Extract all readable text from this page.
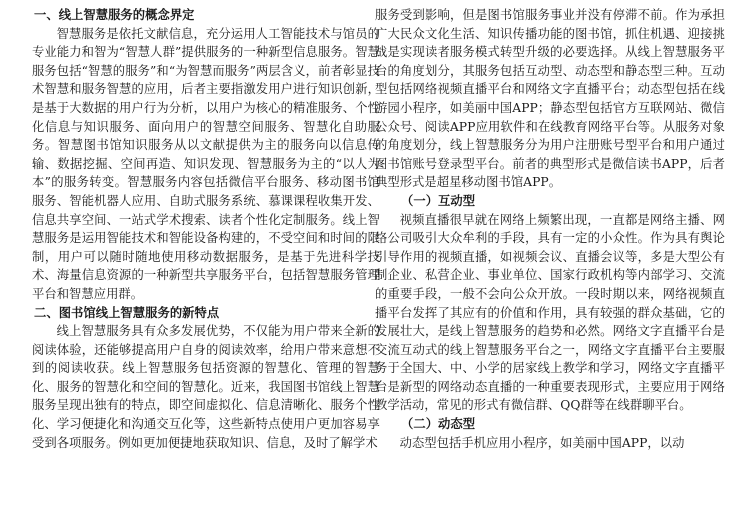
一、线上智慧服务的概念界定

智慧服务是依托文献信息，充分运用人工智能技术与馆员的专业能力和智为“智慧人群”提供服务的一种新型信息服务。智慧服务包括“智慧的服务”和“为智慧而服务”两层含义，前者彰显技术智慧和服务智慧的应用，后者主要指激发用户进行知识创新，是基于大数据的用户行为分析，以用户为核心的精准服务、个性化信息与知识服务、面向用户的智慧空间服务、智慧化自助服务。智慧图书馆知识服务从以文献提供为主的服务向以信息传输、数据挖掘、空间再造、知识发现、智慧服务为主的“以人为本”的服务转变。智慧服务内容包括微信平台服务、移动图书馆服务、智能机器人应用、自助式服务系统、慕课课程收集开发、信息共享空间、一站式学术搜索、读者个性化定制服务。线上智慧服务是运用智能技术和智能设备构建的，不受空间和时间的限制，用户可以随时随地使用移动数据服务，是基于先进科学技术、海量信息资源的一种新型共享服务平台，包括智慧服务管理平台和智慧应用群。

二、图书馆线上智慧服务的新特点

线上智慧服务具有众多发展优势，不仅能为用户带来全新的阅读体验，还能够提高用户自身的阅读效率，给用户带来意想不到的阅读收获。线上智慧服务包括资源的智慧化、管理的智慧化、服务的智慧化和空间的智慧化。近来，我国图书馆线上智慧服务呈现出独有的特点，即空间虚拟化、信息清晰化、服务个性化、学习便捷化和沟通交互化等，这些新特点使用户更加容易享受到各项服务。例如更加便捷地获取知识、信息，及时了解学术

服务受到影响，但是图书馆服务事业并没有停滞不前。作为承担广大民众文化生活、知识传播功能的图书馆，抓住机遇、迎接挑战是实现读者服务模式转型升级的必要选择。从线上智慧服务平台的角度划分，其服务包括互动型、动态型和静态型三种。互动型包括网络视频直播平台和网络文字直播平台；动态型包括在线游园小程序，如美丽中国APP；静态型包括官方互联网站、微信公众号、阅读APP应用软件和在线教育网络平台等。从服务对象的角度划分，线上智慧服务分为用户注册账号型平台和用户通过图书馆账号登录型平台。前者的典型形式是微信读书APP，后者典型形式是超星移动图书馆APP。

（一）互动型

视频直播很早就在网络上频繁出现，一直都是网络主播、网络公司吸引大众牟利的手段，具有一定的小众性。作为具有舆论引导作用的视频直播，如视频会议、直播会议等，多是大型公有制企业、私营企业、事业单位、国家行政机构等内部学习、交流的重要手段，一般不会向公众开放。一段时期以来，网络视频直播平台发挥了其应有的价值和作用，具有较强的群众基础，它的发展壮大，是线上智慧服务的趋势和必然。网络文字直播平台是交流互动式的线上智慧服务平台之一，网络文字直播平台主要服务于全国大、中、小学的居家线上教学和学习，网络文字直播平台是新型的网络动态直播的一种重要表现形式，主要应用于网络教学活动，常见的形式有微信群、QQ群等在线群聊平台。

（二）动态型

动态型包括手机应用小程序，如美丽中国APP，以动
